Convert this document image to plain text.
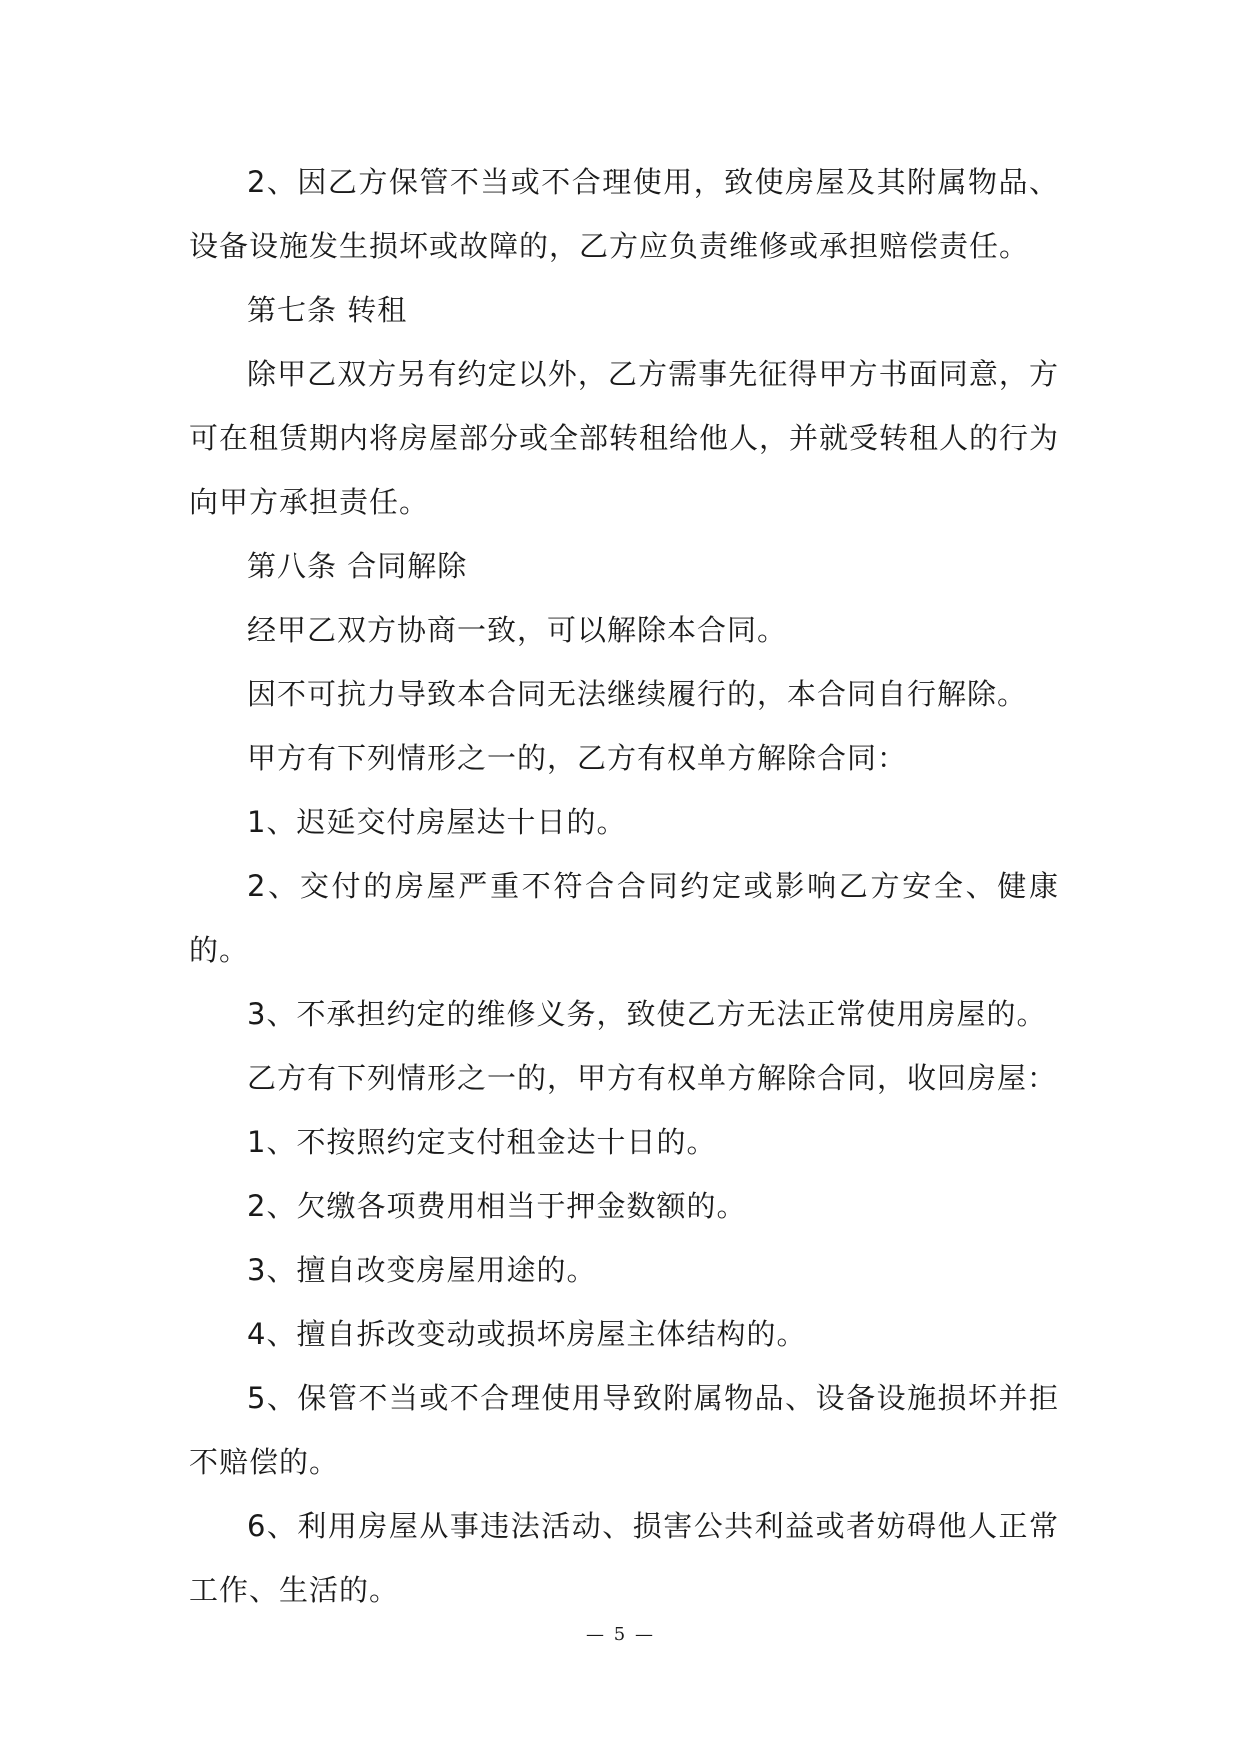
2、因乙方保管不当或不合理使用，致使房屋及其附属物品、设备设施发生损坏或故障的，乙方应负责维修或承担赔偿责任。

第七条 转租

除甲乙双方另有约定以外，乙方需事先征得甲方书面同意，方可在租赁期内将房屋部分或全部转租给他人，并就受转租人的行为向甲方承担责任。

第八条 合同解除

经甲乙双方协商一致，可以解除本合同。

因不可抗力导致本合同无法继续履行的，本合同自行解除。

甲方有下列情形之一的，乙方有权单方解除合同：

1、迟延交付房屋达十日的。

2、交付的房屋严重不符合合同约定或影响乙方安全、健康的。

3、不承担约定的维修义务，致使乙方无法正常使用房屋的。

乙方有下列情形之一的，甲方有权单方解除合同，收回房屋：

1、不按照约定支付租金达十日的。

2、欠缴各项费用相当于押金数额的。

3、擅自改变房屋用途的。

4、擅自拆改变动或损坏房屋主体结构的。

5、保管不当或不合理使用导致附属物品、设备设施损坏并拒不赔偿的。

6、利用房屋从事违法活动、损害公共利益或者妨碍他人正常工作、生活的。

— 5 —
